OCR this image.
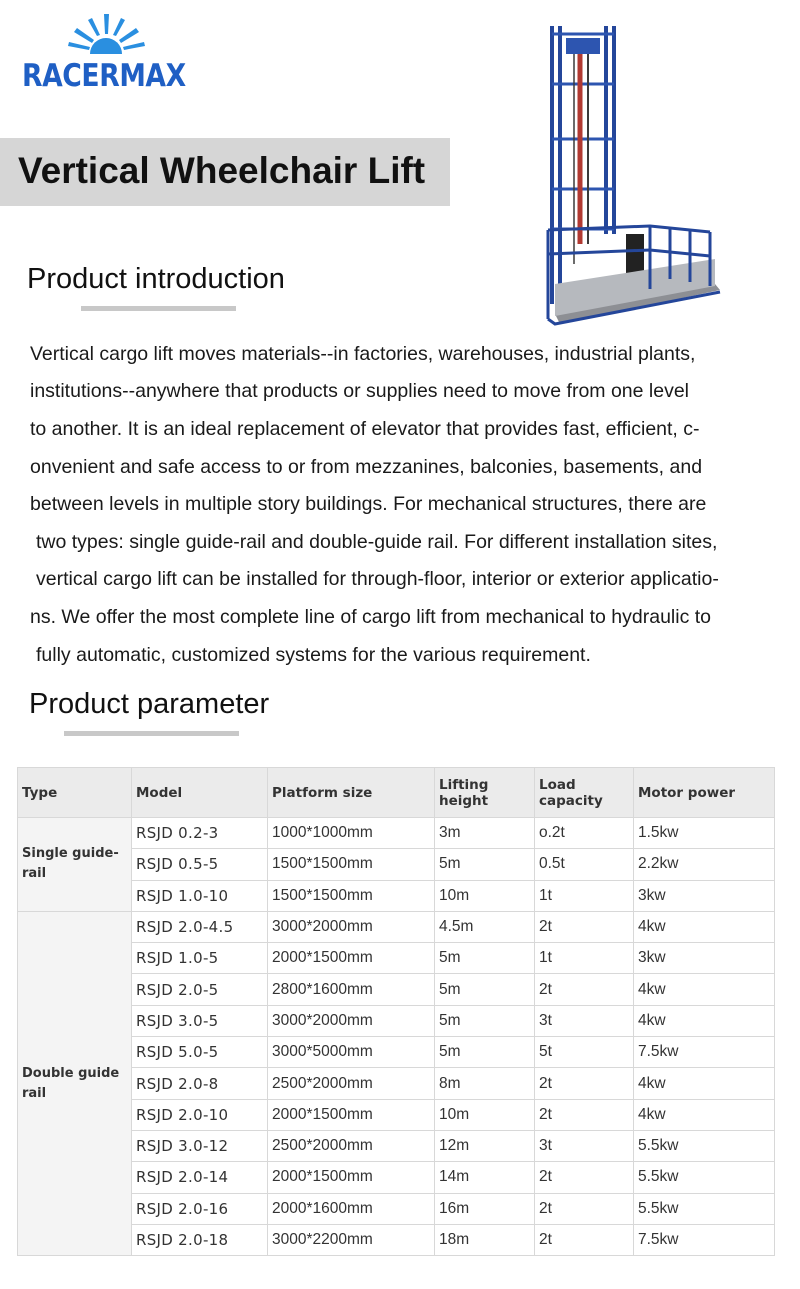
RACERMAX
Vertical Wheelchair Lift
Product introduction

Vertical cargo lift moves materials--in factories, warehouses, industrial plants,

institutions--anywhere that products or supplies need to move from one level

to another. It is an ideal replacement of elevator that provides fast, efficient, c-

onvenient and safe access to or from mezzanines, balconies, basements, and

between levels in multiple story buildings. For mechanical structures, there are

two types: single guide-rail and double-guide rail. For different installation sites,

vertical cargo lift can be installed for through-floor, interior or exterior applicatio-

ns. We offer the most complete line of cargo lift from mechanical to hydraulic to

fully automatic, customized systems for the various requirement.

Product parameter
Type	Model	Platform size	Lifting height	Load capacity	Motor power
Single guide-rail	RSJD 0.2-3	1000*1000mm	3m	o.2t	1.5kw
	RSJD 0.5-5	1500*1500mm	5m	0.5t	2.2kw
	RSJD 1.0-10	1500*1500mm	10m	1t	3kw
Double guide rail	RSJD 2.0-4.5	3000*2000mm	4.5m	2t	4kw
	RSJD 1.0-5	2000*1500mm	5m	1t	3kw
	RSJD 2.0-5	2800*1600mm	5m	2t	4kw
	RSJD 3.0-5	3000*2000mm	5m	3t	4kw
	RSJD 5.0-5	3000*5000mm	5m	5t	7.5kw
	RSJD 2.0-8	2500*2000mm	8m	2t	4kw
	RSJD 2.0-10	2000*1500mm	10m	2t	4kw
	RSJD 3.0-12	2500*2000mm	12m	3t	5.5kw
	RSJD 2.0-14	2000*1500mm	14m	2t	5.5kw
	RSJD 2.0-16	2000*1600mm	16m	2t	5.5kw
	RSJD 2.0-18	3000*2200mm	18m	2t	7.5kw
